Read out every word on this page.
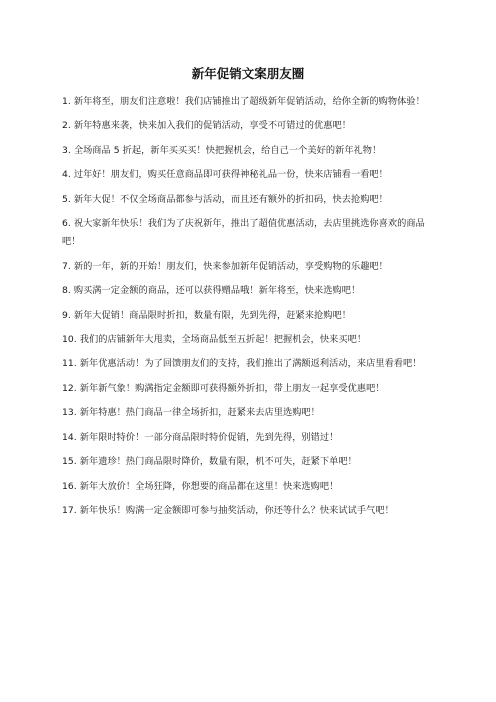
新年促销文案朋友圈
1. 新年将至，朋友们注意啦！我们店铺推出了超级新年促销活动，给你全新的购物体验！
2. 新年特惠来袭，快来加入我们的促销活动，享受不可错过的优惠吧！
3. 全场商品 5 折起，新年买买买！快把握机会，给自己一个美好的新年礼物！
4. 过年好！朋友们，购买任意商品即可获得神秘礼品一份，快来店铺看一看吧！
5. 新年大促！不仅全场商品都参与活动，而且还有额外的折扣码，快去抢购吧！
6. 祝大家新年快乐！我们为了庆祝新年，推出了超值优惠活动，去店里挑选你喜欢的商品吧！
7. 新的一年，新的开始！朋友们，快来参加新年促销活动，享受购物的乐趣吧！
8. 购买满一定金额的商品，还可以获得赠品哦！新年将至，快来选购吧！
9. 新年大促销！商品限时折扣，数量有限，先到先得，赶紧来抢购吧！
10. 我们的店铺新年大甩卖，全场商品低至五折起！把握机会，快来买吧！
11. 新年优惠活动！为了回馈朋友们的支持，我们推出了满额返利活动，来店里看看吧！
12. 新年新气象！购满指定金额即可获得额外折扣，带上朋友一起享受优惠吧！
13. 新年特惠！热门商品一律全场折扣，赶紧来去店里选购吧！
14. 新年限时特价！一部分商品限时特价促销，先到先得，别错过！
15. 新年遗珍！热门商品限时降价，数量有限，机不可失，赶紧下单吧！
16. 新年大放价！全场狂降，你想要的商品都在这里！快来选购吧！
17. 新年快乐！购满一定金额即可参与抽奖活动，你还等什么？快来试试手气吧！
